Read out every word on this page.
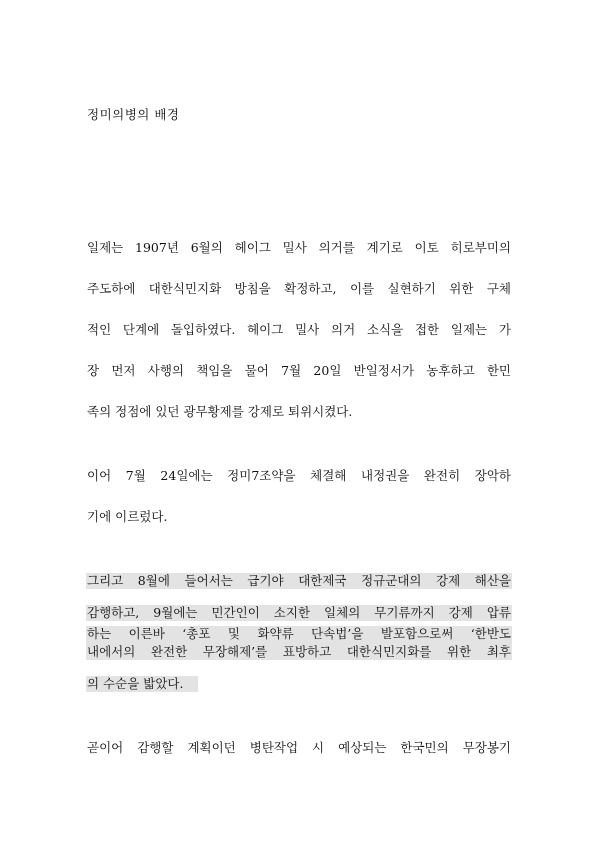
정미의병의 배경
일제는 1907년 6월의 헤이그 밀사 의거를 계기로 이토 히로부미의
주도하에 대한식민지화 방침을 확정하고, 이를 실현하기 위한 구체
적인 단계에 돌입하였다. 헤이그 밀사 의거 소식을 접한 일제는 가
장 먼저 사행의 책임을 물어 7월 20일 반일정서가 농후하고 한민
족의 정점에 있던 광무황제를 강제로 퇴위시켰다.
이어 7월 24일에는 정미7조약을 체결해 내정권을 완전히 장악하
기에 이르렀다.
그리고 8월에 들어서는 급기야 대한제국 정규군대의 강제 해산을
감행하고, 9월에는 민간인이 소지한 일체의 무기류까지 강제 압류
하는 이른바 ‘총포 및 화약류 단속법’을 발포함으로써 ‘한반도
내에서의 완전한 무장해제’를 표방하고 대한식민지화를 위한 최후
의 수순을 밟았다.
곧이어 감행할 계획이던 병탄작업 시 예상되는 한국민의 무장봉기
